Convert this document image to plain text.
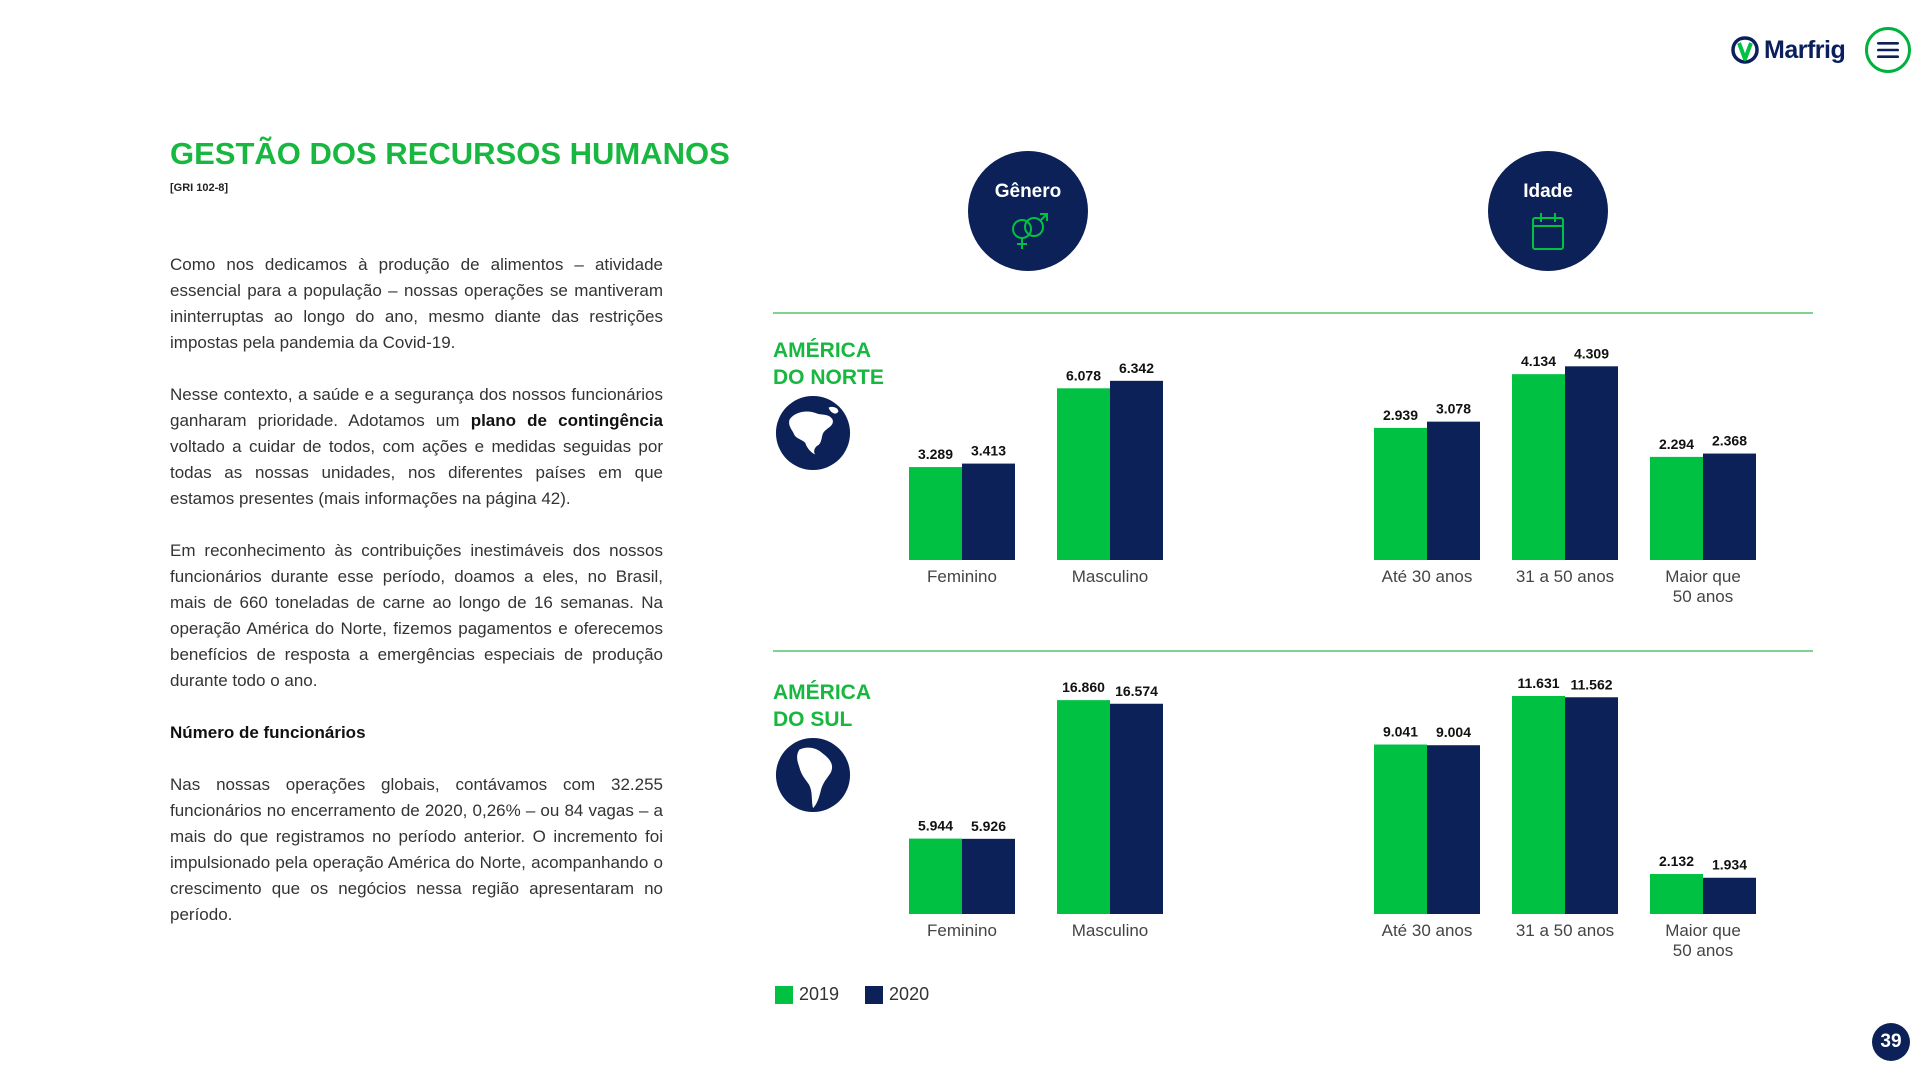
Marfrig
GESTÃO DOS RECURSOS HUMANOS
[GRI 102-8]

Como nos dedicamos à produção de alimentos – atividade essencial para a população – nossas operações se mantiveram ininterruptas ao longo do ano, mesmo diante das restrições impostas pela pandemia da Covid-19.

Nesse contexto, a saúde e a segurança dos nossos funcionários ganharam prioridade. Adotamos um plano de contingência voltado a cuidar de todos, com ações e medidas seguidas por todas as nossas unidades, nos diferentes países em que estamos presentes (mais informações na página 42).

Em reconhecimento às contribuições inestimáveis dos nossos funcionários durante esse período, doamos a eles, no Brasil, mais de 660 toneladas de carne ao longo de 16 semanas. Na operação América do Norte, fizemos pagamentos e oferecemos benefícios de resposta a emergências especiais de produção durante todo o ano.

Número de funcionários

Nas nossas operações globais, contávamos com 32.255 funcionários no encerramento de 2020, 0,26% – ou 84 vagas – a mais do que registramos no período anterior. O incremento foi impulsionado pela operação América do Norte, acompanhando o crescimento que os negócios nessa região apresentaram no período.

Gênero	Idade
AMÉRICA
DO NORTE
AMÉRICA
DO SUL
3.289 3.413
Feminino
6.078 6.342
Masculino
2.939 3.078
Até 30 anos
4.134 4.309
31 a 50 anos
2.294 2.368
Maior que
50 anos
5.944 5.926
Feminino
16.860 16.574
Masculino
9.041 9.004
Até 30 anos
11.631 11.562
31 a 50 anos
2.132 1.934
Maior que
50 anos
2019	2020
39
